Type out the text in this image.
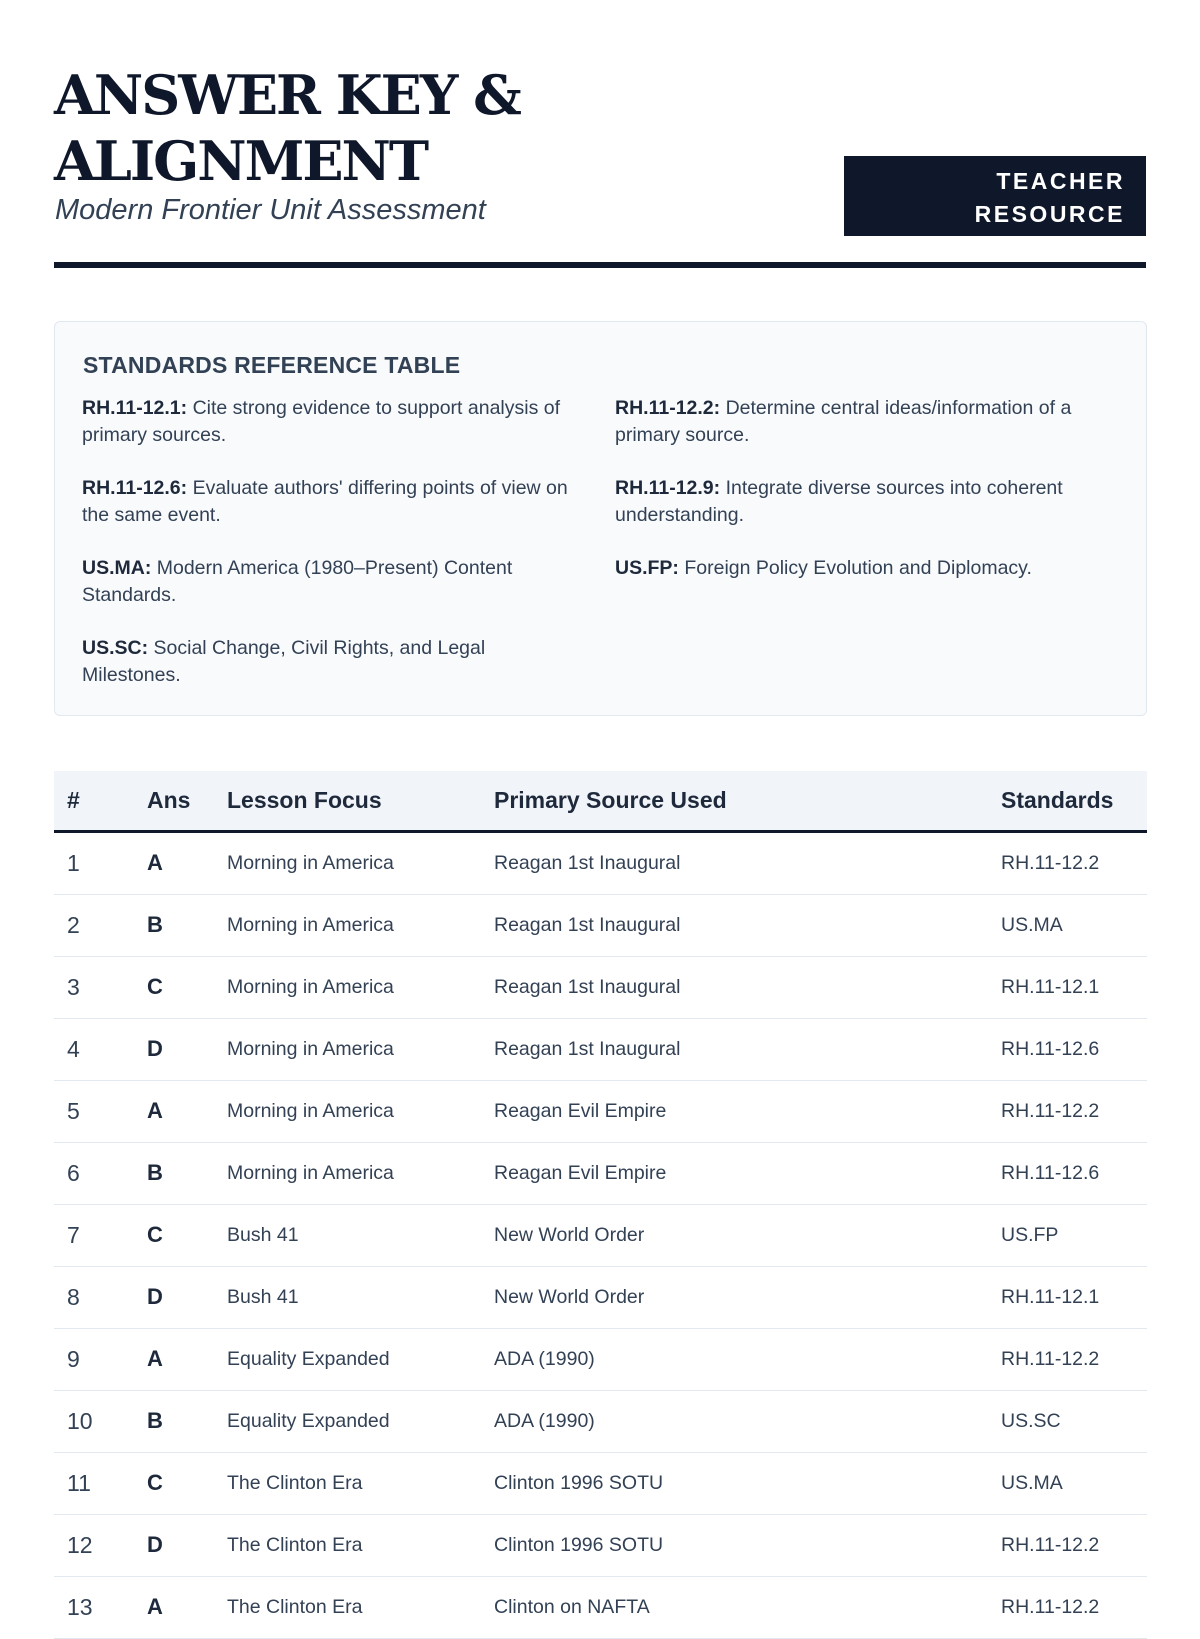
ANSWER KEY &
ALIGNMENT
Modern Frontier Unit Assessment
TEACHER
RESOURCE
STANDARDS REFERENCE TABLE
RH.11-12.1: Cite strong evidence to support analysis of primary sources.
RH.11-12.2: Determine central ideas/information of a primary source.
RH.11-12.6: Evaluate authors' differing points of view on the same event.
RH.11-12.9: Integrate diverse sources into coherent understanding.
US.MA: Modern America (1980–Present) Content Standards.
US.FP: Foreign Policy Evolution and Diplomacy.
US.SC: Social Change, Civil Rights, and Legal Milestones.
#	Ans	Lesson Focus	Primary Source Used	Standards
1	A	Morning in America	Reagan 1st Inaugural	RH.11-12.2
2	B	Morning in America	Reagan 1st Inaugural	US.MA
3	C	Morning in America	Reagan 1st Inaugural	RH.11-12.1
4	D	Morning in America	Reagan 1st Inaugural	RH.11-12.6
5	A	Morning in America	Reagan Evil Empire	RH.11-12.2
6	B	Morning in America	Reagan Evil Empire	RH.11-12.6
7	C	Bush 41	New World Order	US.FP
8	D	Bush 41	New World Order	RH.11-12.1
9	A	Equality Expanded	ADA (1990)	RH.11-12.2
10	B	Equality Expanded	ADA (1990)	US.SC
11	C	The Clinton Era	Clinton 1996 SOTU	US.MA
12	D	The Clinton Era	Clinton 1996 SOTU	RH.11-12.2
13	A	The Clinton Era	Clinton on NAFTA	RH.11-12.2
